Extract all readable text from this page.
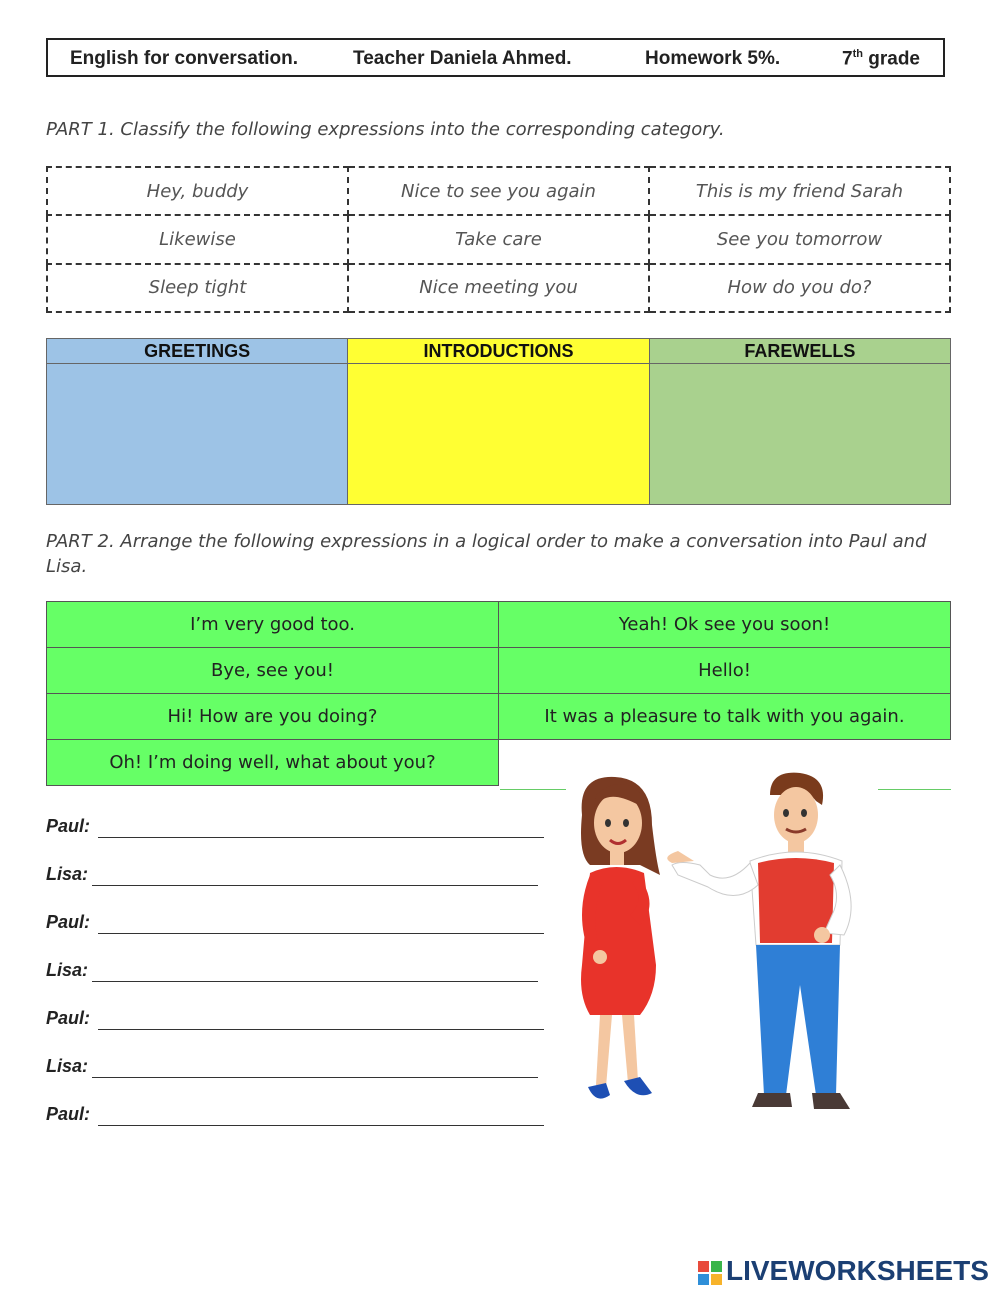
English for conversation.	Teacher Daniela Ahmed.	Homework 5%.	7th grade
PART 1. Classify the following expressions into the corresponding category.
Hey, buddy	Nice to see you again	This is my friend Sarah
Likewise	Take care	See you tomorrow
Sleep tight	Nice meeting you	How do you do?
GREETINGS	INTRODUCTIONS	FAREWELLS

PART 2. Arrange the following expressions in a logical order to make a conversation into Paul and Lisa.
I’m very good too.	Yeah! Ok see you soon!
Bye, see you!	Hello!
Hi! How are you doing?	It was a pleasure to talk with you again.
Oh! I’m doing well, what about you?	
Paul:
Lisa:
Paul:
Lisa:
Paul:
Lisa:
Paul:
LIVEWORKSHEETS
